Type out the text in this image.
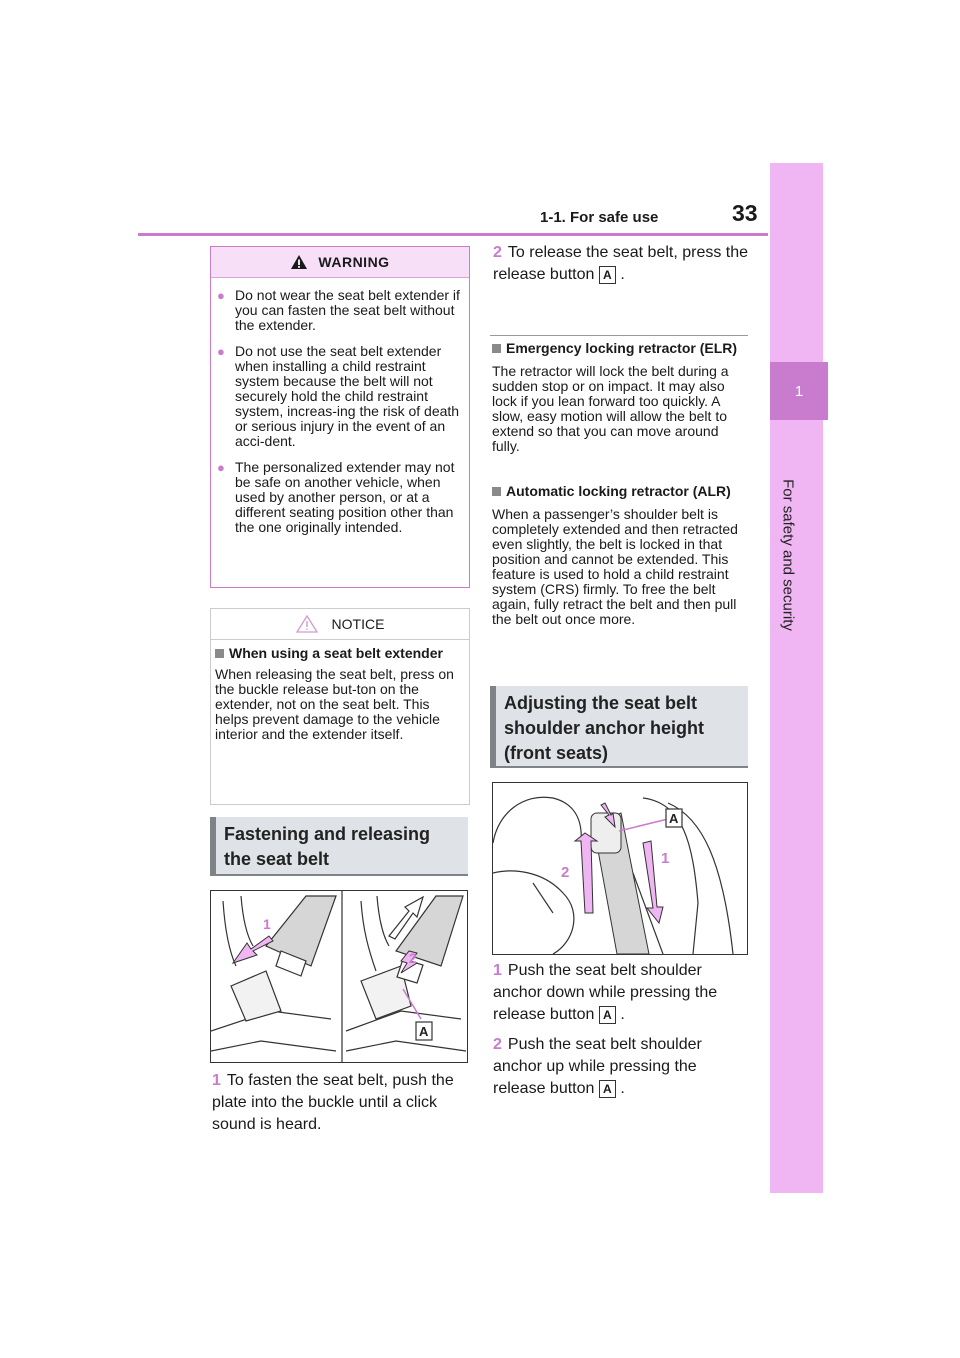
1-1. For safe use	33
1
For safety and security
WARNING
● Do not wear the seat belt extender if you can fasten the seat belt without the extender.
● Do not use the seat belt extender when installing a child restraint system because the belt will not securely hold the child restraint system, increas-ing the risk of death or serious injury in the event of an acci-dent.
● The personalized extender may not be safe on another vehicle, when used by another person, or at a different seating position other than the one originally intended.
NOTICE
When using a seat belt extender
When releasing the seat belt, press on the buckle release but-ton on the extender, not on the seat belt. This helps prevent damage to the vehicle interior and the extender itself.
Fastening and releasing the seat belt
1
2
A
1 To fasten the seat belt, push the plate into the buckle until a click sound is heard.
2 To release the seat belt, press the release button A .
Emergency locking retractor (ELR)
The retractor will lock the belt during a sudden stop or on impact. It may also lock if you lean forward too quickly. A slow, easy motion will allow the belt to extend so that you can move around fully.
Automatic locking retractor (ALR)
When a passenger’s shoulder belt is completely extended and then retracted even slightly, the belt is locked in that position and cannot be extended. This feature is used to hold a child restraint system (CRS) firmly. To free the belt again, fully retract the belt and then pull the belt out once more.
Adjusting the seat belt shoulder anchor height (front seats)
A
1
2
1 Push the seat belt shoulder anchor down while pressing the release button A .
2 Push the seat belt shoulder anchor up while pressing the release button A .
